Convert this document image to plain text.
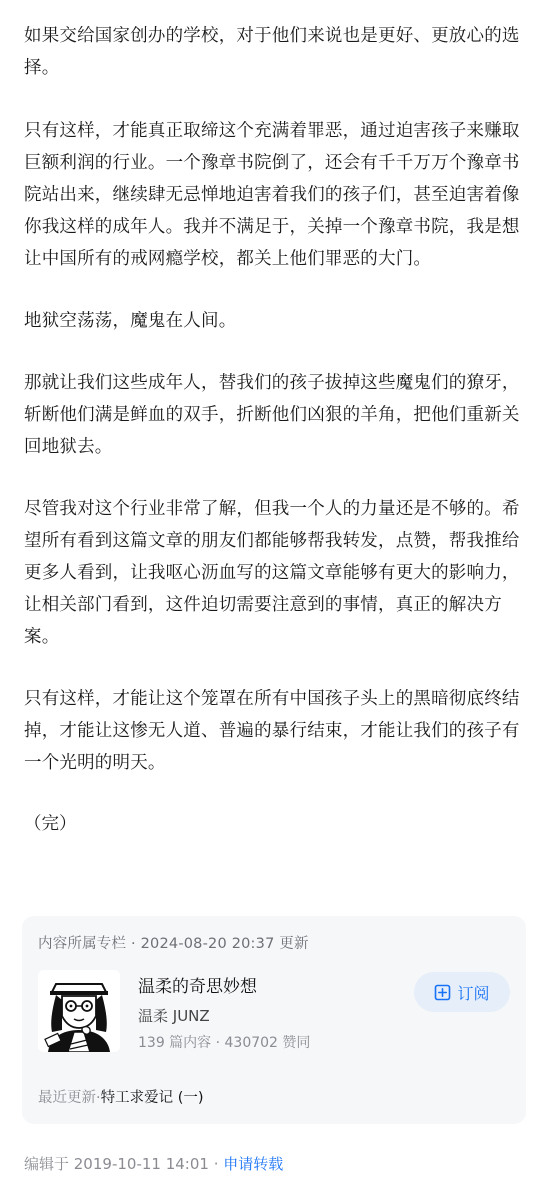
如果交给国家创办的学校，对于他们来说也是更好、更放心的选择。

只有这样，才能真正取缔这个充满着罪恶，通过迫害孩子来赚取巨额利润的行业。一个豫章书院倒了，还会有千千万万个豫章书院站出来，继续肆无忌惮地迫害着我们的孩子们，甚至迫害着像你我这样的成年人。我并不满足于，关掉一个豫章书院，我是想让中国所有的戒网瘾学校，都关上他们罪恶的大门。

地狱空荡荡，魔鬼在人间。

那就让我们这些成年人，替我们的孩子拔掉这些魔鬼们的獠牙，斩断他们满是鲜血的双手，折断他们凶狠的羊角，把他们重新关回地狱去。

尽管我对这个行业非常了解，但我一个人的力量还是不够的。希望所有看到这篇文章的朋友们都能够帮我转发，点赞，帮我推给更多人看到，让我呕心沥血写的这篇文章能够有更大的影响力，让相关部门看到，这件迫切需要注意到的事情，真正的解决方案。

只有这样，才能让这个笼罩在所有中国孩子头上的黑暗彻底终结掉，才能让这惨无人道、普遍的暴行结束，才能让我们的孩子有一个光明的明天。

（完）

内容所属专栏 · 2024-08-20 20:37 更新
温柔的奇思妙想
温柔 JUNZ
139 篇内容 · 430702 赞同
订阅
最近更新·特工求爱记 (一)
编辑于 2019-10-11 14:01 · 申请转载
